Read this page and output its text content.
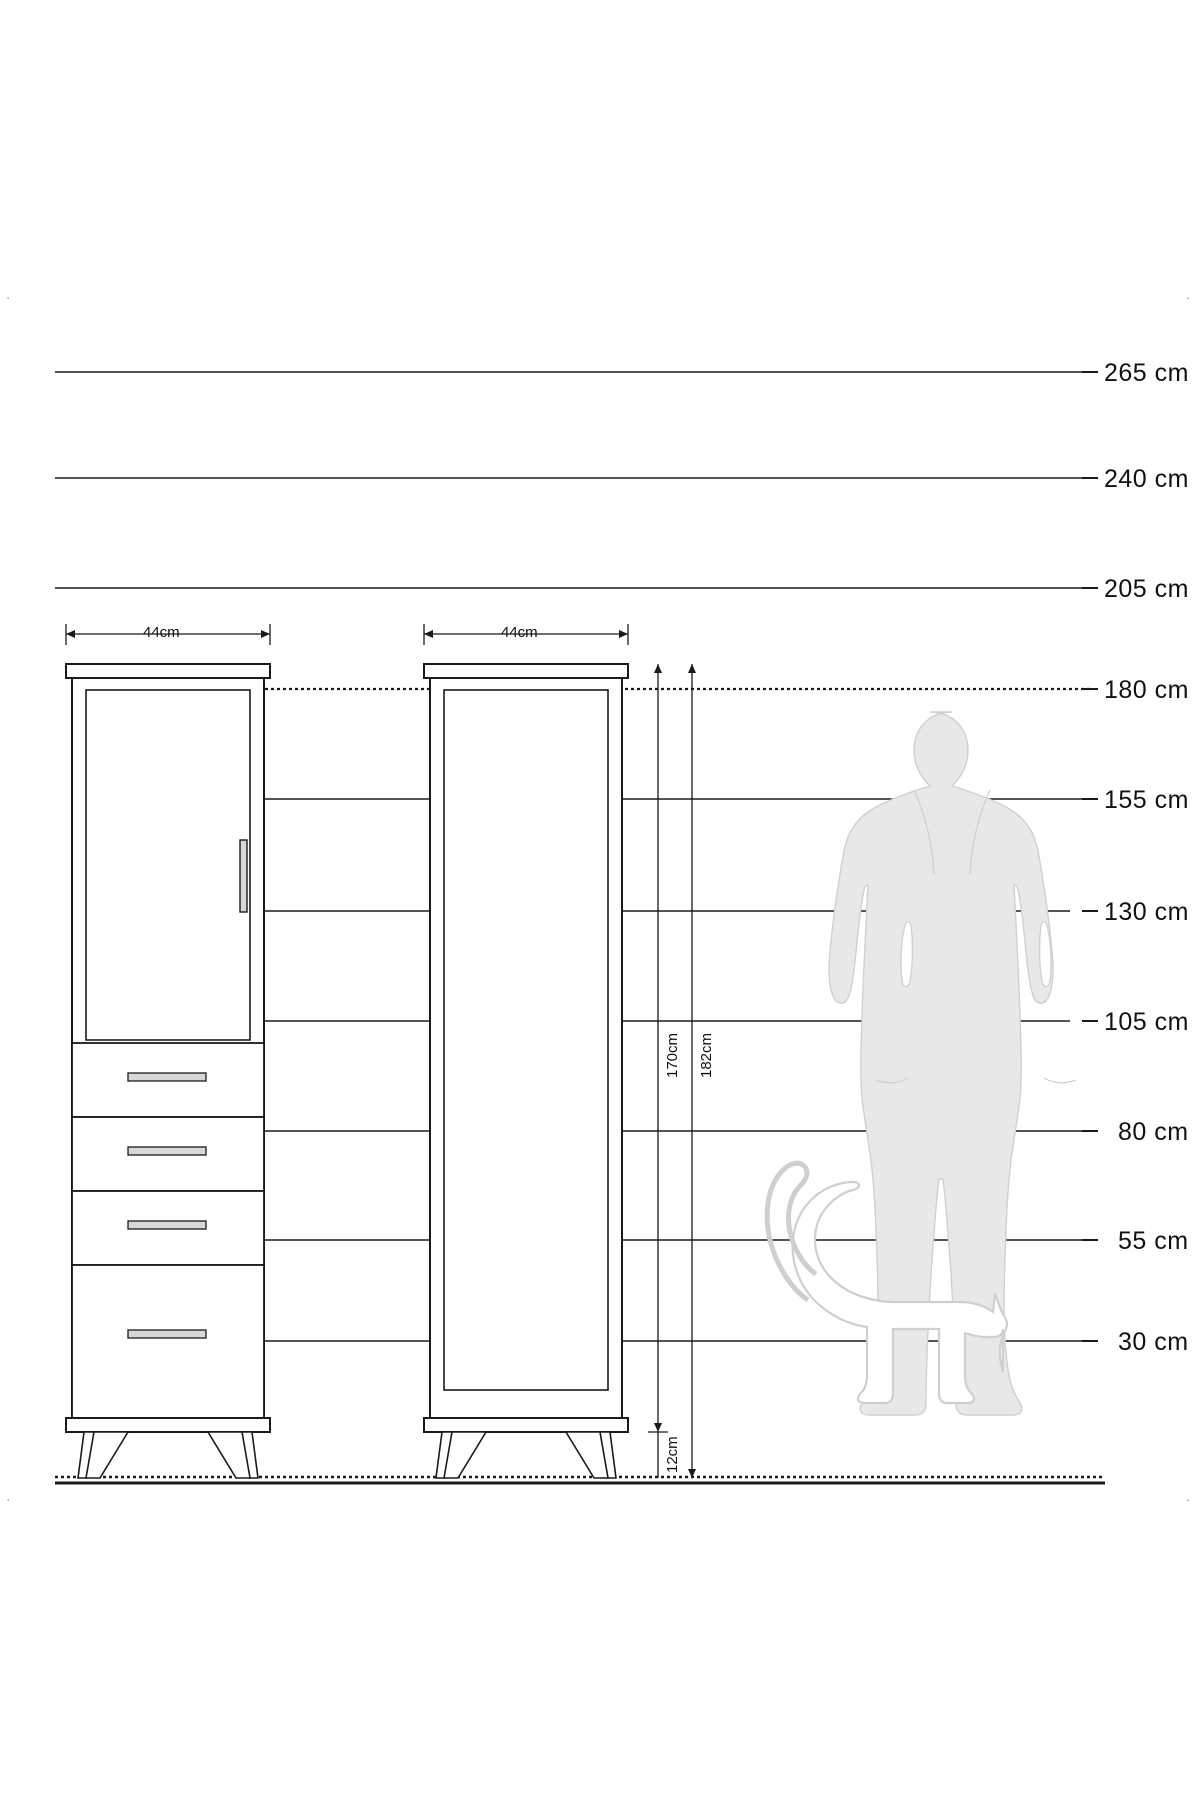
265 cm
240 cm
205 cm
180 cm
155 cm
130 cm
105 cm
80 cm
55 cm
30 cm
44cm	44cm
170cm 182cm
12cm
·	·
·	·
